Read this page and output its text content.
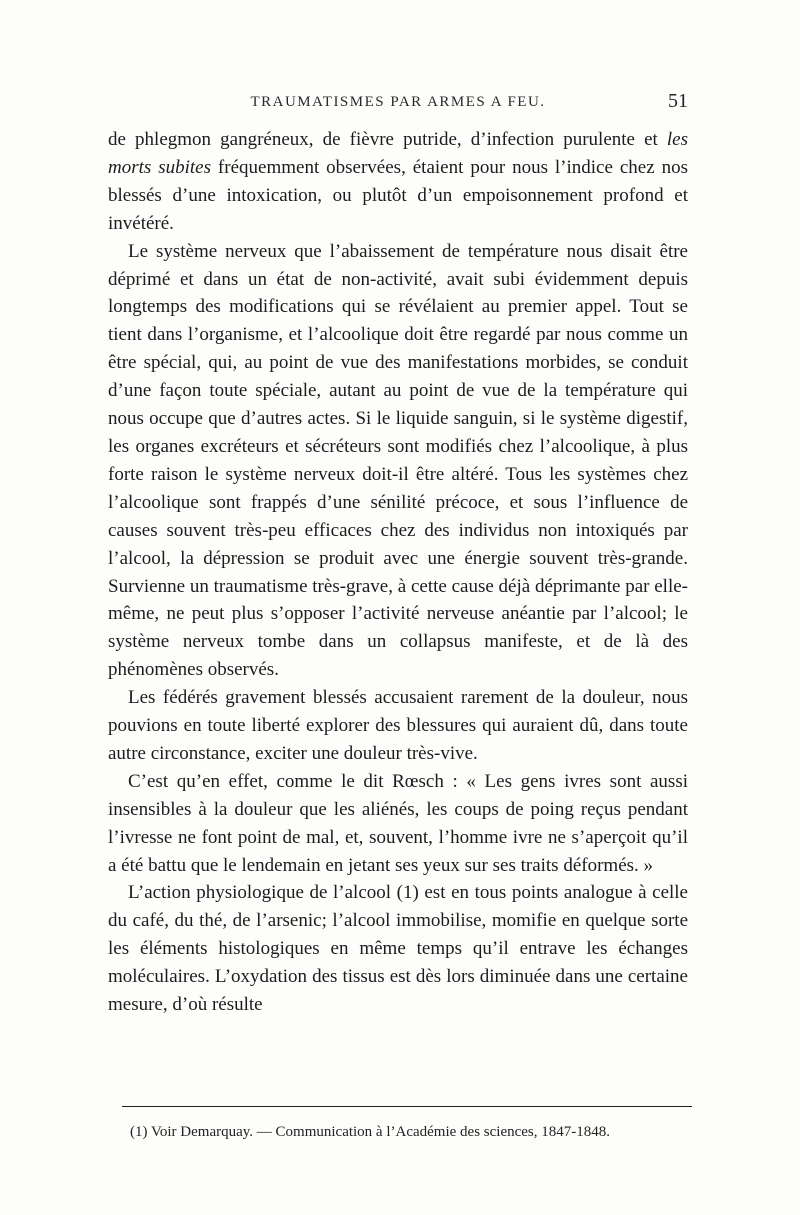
TRAUMATISMES PAR ARMES A FEU.	51

de phlegmon gangréneux, de fièvre putride, d’infection purulente et les morts subites fréquemment observées, étaient pour nous l’indice chez nos blessés d’une intoxication, ou plutôt d’un empoisonnement profond et invétéré.

Le système nerveux que l’abaissement de température nous disait être déprimé et dans un état de non-activité, avait subi évidemment depuis longtemps des modifications qui se révélaient au premier appel. Tout se tient dans l’organisme, et l’alcoolique doit être regardé par nous comme un être spécial, qui, au point de vue des manifestations morbides, se conduit d’une façon toute spéciale, autant au point de vue de la température qui nous occupe que d’autres actes. Si le liquide sanguin, si le système digestif, les organes excréteurs et sécréteurs sont modifiés chez l’alcoolique, à plus forte raison le système nerveux doit-il être altéré. Tous les systèmes chez l’alcoolique sont frappés d’une sénilité précoce, et sous l’influence de causes souvent très-peu efficaces chez des individus non intoxiqués par l’alcool, la dépression se produit avec une énergie souvent très-grande. Survienne un traumatisme très-grave, à cette cause déjà déprimante par elle-même, ne peut plus s’opposer l’activité nerveuse anéantie par l’alcool; le système nerveux tombe dans un collapsus manifeste, et de là des phénomènes observés.

Les fédérés gravement blessés accusaient rarement de la douleur, nous pouvions en toute liberté explorer des blessures qui auraient dû, dans toute autre circonstance, exciter une douleur très-vive.

C’est qu’en effet, comme le dit Rœsch : « Les gens ivres sont aussi insensibles à la douleur que les aliénés, les coups de poing reçus pendant l’ivresse ne font point de mal, et, souvent, l’homme ivre ne s’aperçoit qu’il a été battu que le lendemain en jetant ses yeux sur ses traits déformés. »

L’action physiologique de l’alcool (1) est en tous points analogue à celle du café, du thé, de l’arsenic; l’alcool immobilise, momifie en quelque sorte les éléments histologiques en même temps qu’il entrave les échanges moléculaires. L’oxydation des tissus est dès lors diminuée dans une certaine mesure, d’où résulte

(1) Voir Demarquay. — Communication à l’Académie des sciences, 1847-1848.
